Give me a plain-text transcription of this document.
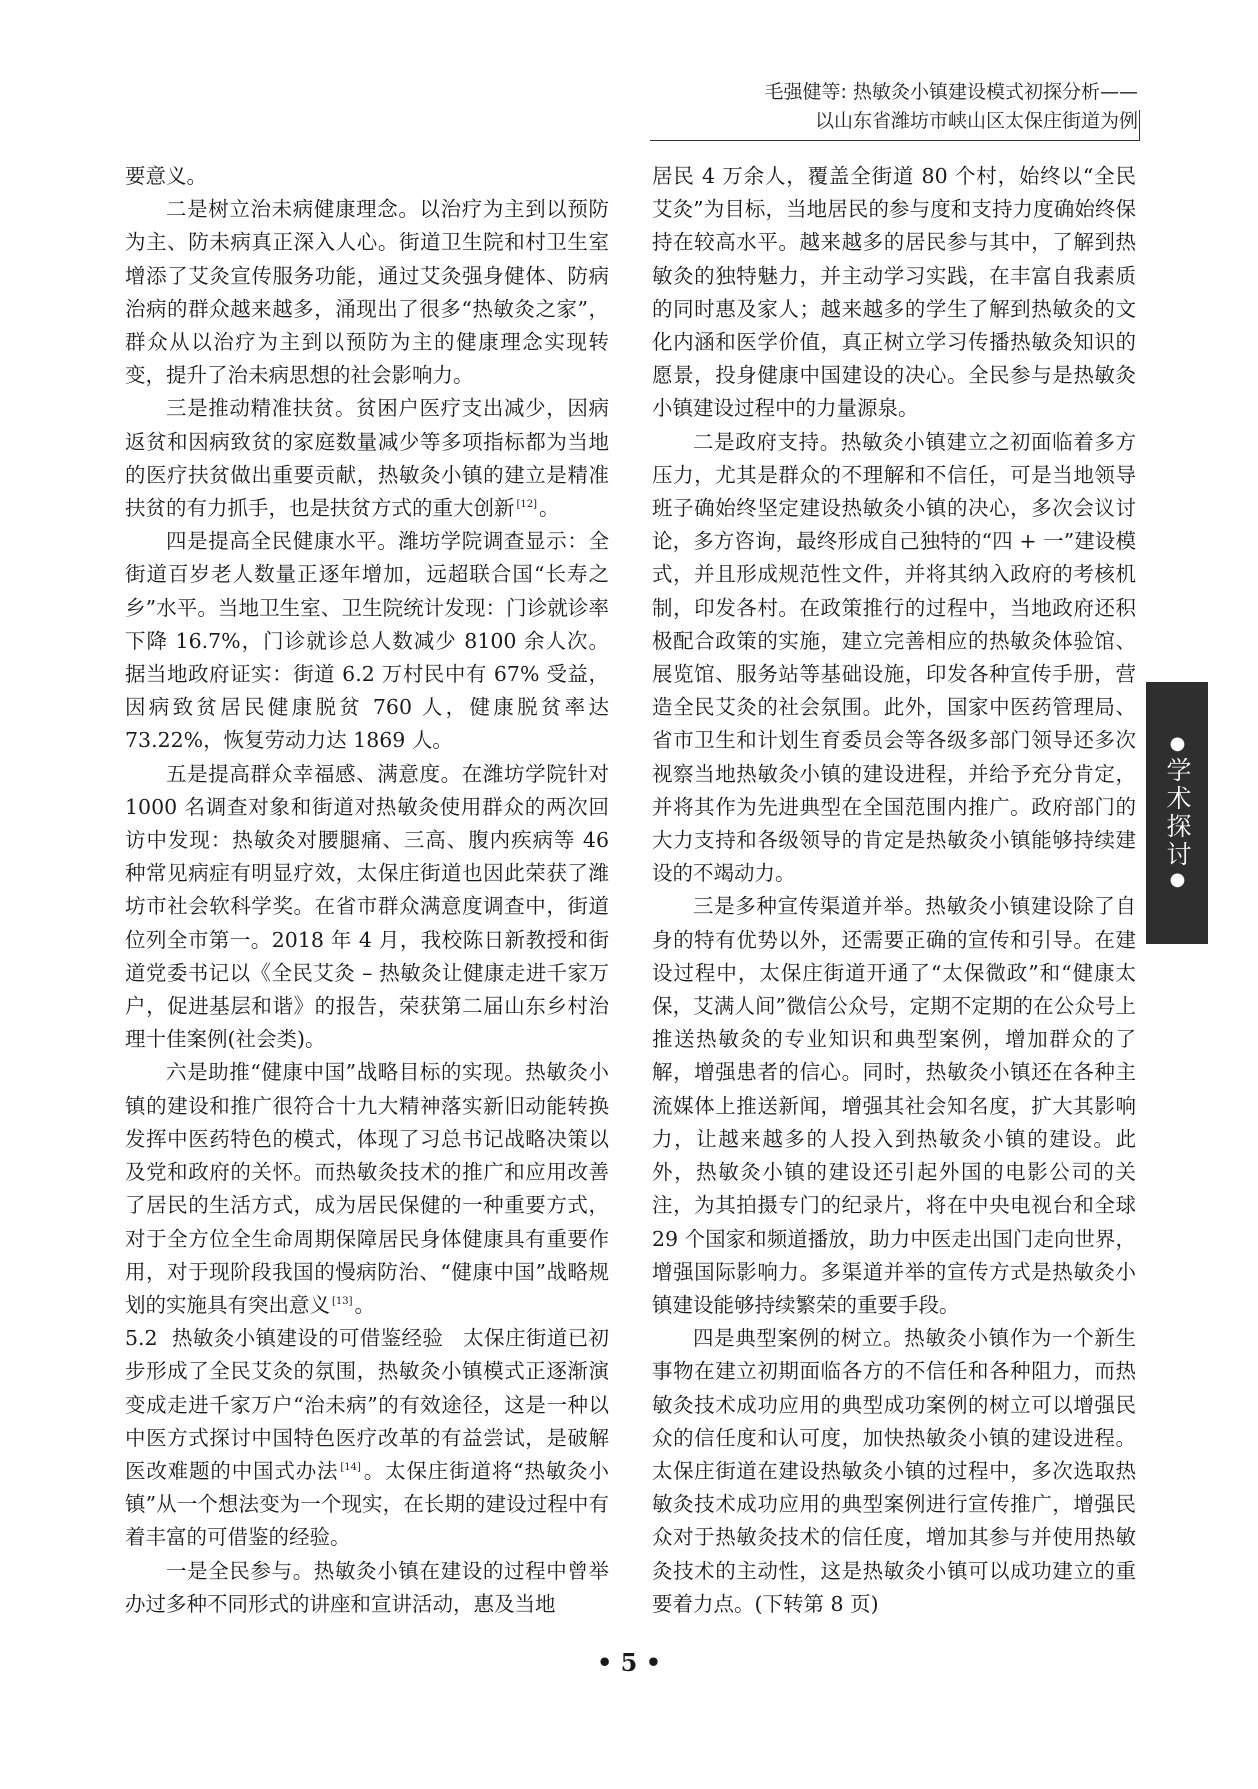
毛强健等: 热敏灸小镇建设模式初探分析——
以山东省潍坊市峡山区太保庄街道为例

要意义。

二是树立治未病健康理念。以治疗为主到以预防为主、防未病真正深入人心。街道卫生院和村卫生室增添了艾灸宣传服务功能，通过艾灸强身健体、防病治病的群众越来越多，涌现出了很多“热敏灸之家”，群众从以治疗为主到以预防为主的健康理念实现转变，提升了治未病思想的社会影响力。

三是推动精准扶贫。贫困户医疗支出减少，因病返贫和因病致贫的家庭数量减少等多项指标都为当地的医疗扶贫做出重要贡献，热敏灸小镇的建立是精准扶贫的有力抓手，也是扶贫方式的重大创新 [12]。

四是提高全民健康水平。潍坊学院调查显示：全街道百岁老人数量正逐年增加，远超联合国“长寿之乡”水平。当地卫生室、卫生院统计发现：门诊就诊率下降 16.7%，门诊就诊总人数减少 8100 余人次。据当地政府证实：街道 6.2 万村民中有 67% 受益，因病致贫居民健康脱贫 760 人，健康脱贫率达 73.22%，恢复劳动力达 1869 人。

五是提高群众幸福感、满意度。在潍坊学院针对 1000 名调查对象和街道对热敏灸使用群众的两次回访中发现：热敏灸对腰腿痛、三高、腹内疾病等 46 种常见病症有明显疗效，太保庄街道也因此荣获了潍坊市社会软科学奖。在省市群众满意度调查中，街道位列全市第一。2018 年 4 月，我校陈日新教授和街道党委书记以《全民艾灸 – 热敏灸让健康走进千家万户，促进基层和谐》的报告，荣获第二届山东乡村治理十佳案例(社会类)。

六是助推“健康中国”战略目标的实现。热敏灸小镇的建设和推广很符合十九大精神落实新旧动能转换发挥中医药特色的模式，体现了习总书记战略决策以及党和政府的关怀。而热敏灸技术的推广和应用改善了居民的生活方式，成为居民保健的一种重要方式，对于全方位全生命周期保障居民身体健康具有重要作用，对于现阶段我国的慢病防治、“健康中国”战略规划的实施具有突出意义 [13]。

5.2 热敏灸小镇建设的可借鉴经验 太保庄街道已初步形成了全民艾灸的氛围，热敏灸小镇模式正逐渐演变成走进千家万户“治未病”的有效途径，这是一种以中医方式探讨中国特色医疗改革的有益尝试，是破解医改难题的中国式办法 [14]。太保庄街道将“热敏灸小镇”从一个想法变为一个现实，在长期的建设过程中有着丰富的可借鉴的经验。

一是全民参与。热敏灸小镇在建设的过程中曾举办过多种不同形式的讲座和宣讲活动，惠及当地

居民 4 万余人，覆盖全街道 80 个村，始终以“全民艾灸”为目标，当地居民的参与度和支持力度确始终保持在较高水平。越来越多的居民参与其中，了解到热敏灸的独特魅力，并主动学习实践，在丰富自我素质的同时惠及家人；越来越多的学生了解到热敏灸的文化内涵和医学价值，真正树立学习传播热敏灸知识的愿景，投身健康中国建设的决心。全民参与是热敏灸小镇建设过程中的力量源泉。

二是政府支持。热敏灸小镇建立之初面临着多方压力，尤其是群众的不理解和不信任，可是当地领导班子确始终坚定建设热敏灸小镇的决心，多次会议讨论，多方咨询，最终形成自己独特的“四 + 一”建设模式，并且形成规范性文件，并将其纳入政府的考核机制，印发各村。在政策推行的过程中，当地政府还积极配合政策的实施，建立完善相应的热敏灸体验馆、展览馆、服务站等基础设施，印发各种宣传手册，营造全民艾灸的社会氛围。此外，国家中医药管理局、省市卫生和计划生育委员会等各级多部门领导还多次视察当地热敏灸小镇的建设进程，并给予充分肯定，并将其作为先进典型在全国范围内推广。政府部门的大力支持和各级领导的肯定是热敏灸小镇能够持续建设的不竭动力。

三是多种宣传渠道并举。热敏灸小镇建设除了自身的特有优势以外，还需要正确的宣传和引导。在建设过程中，太保庄街道开通了“太保微政”和“健康太保，艾满人间”微信公众号，定期不定期的在公众号上推送热敏灸的专业知识和典型案例，增加群众的了解，增强患者的信心。同时，热敏灸小镇还在各种主流媒体上推送新闻，增强其社会知名度，扩大其影响力，让越来越多的人投入到热敏灸小镇的建设。此外，热敏灸小镇的建设还引起外国的电影公司的关注，为其拍摄专门的纪录片，将在中央电视台和全球 29 个国家和频道播放，助力中医走出国门走向世界，增强国际影响力。多渠道并举的宣传方式是热敏灸小镇建设能够持续繁荣的重要手段。

四是典型案例的树立。热敏灸小镇作为一个新生事物在建立初期面临各方的不信任和各种阻力，而热敏灸技术成功应用的典型成功案例的树立可以增强民众的信任度和认可度，加快热敏灸小镇的建设进程。太保庄街道在建设热敏灸小镇的过程中，多次选取热敏灸技术成功应用的典型案例进行宣传推广，增强民众对于热敏灸技术的信任度，增加其参与并使用热敏灸技术的主动性，这是热敏灸小镇可以成功建立的重要着力点。(下转第 8 页)

●学术探讨●
• 5 •
